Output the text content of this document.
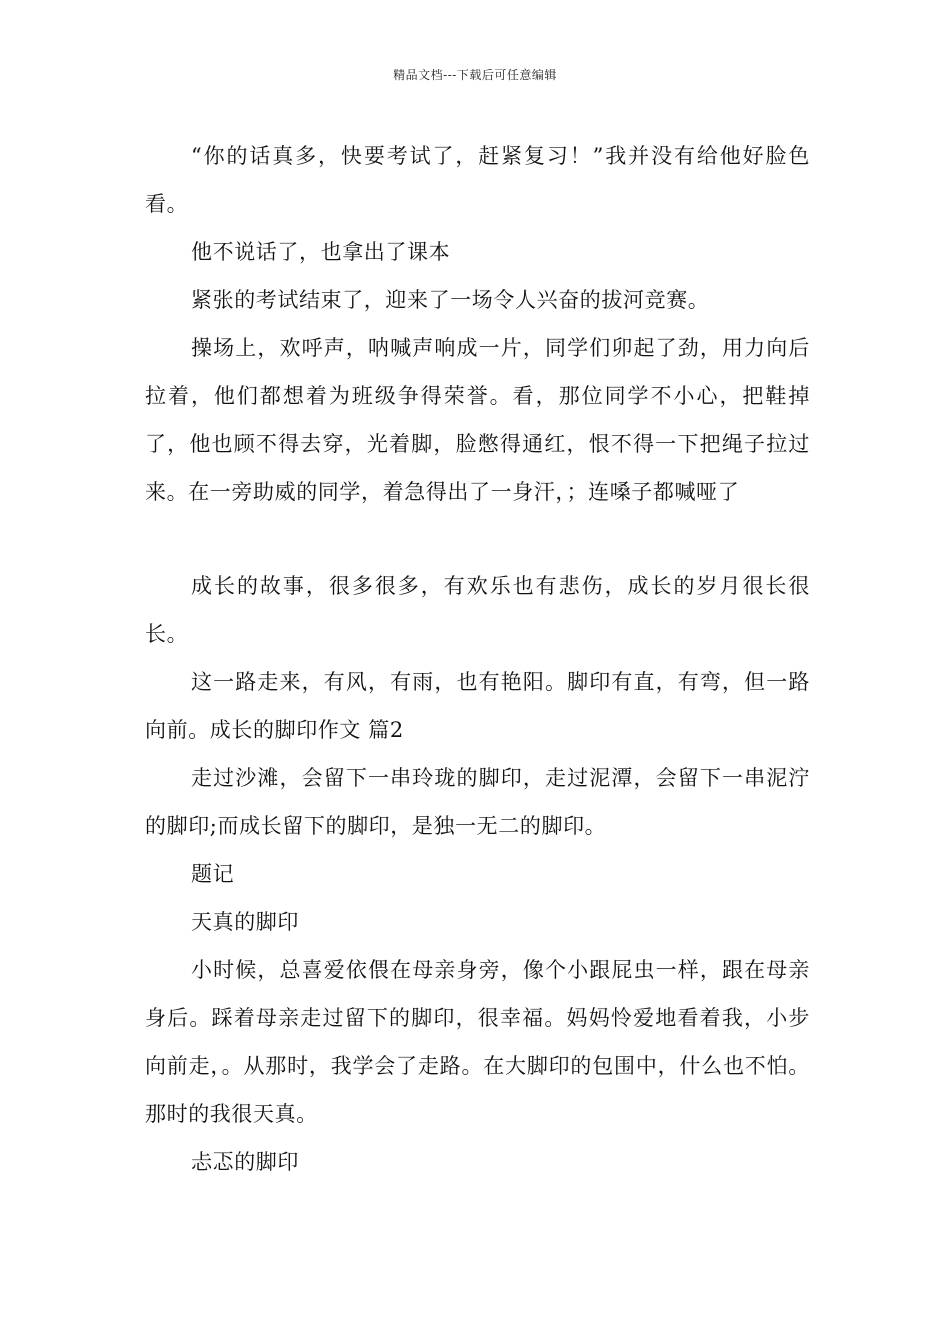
精品文档---下载后可任意编辑

“你的话真多，快要考试了，赶紧复习！”我并没有给他好脸色看。

他不说话了，也拿出了课本

紧张的考试结束了，迎来了一场令人兴奋的拔河竞赛。

操场上，欢呼声，呐喊声响成一片，同学们卯起了劲，用力向后拉着，他们都想着为班级争得荣誉。看，那位同学不小心，把鞋掉了，他也顾不得去穿，光着脚，脸憋得通红，恨不得一下把绳子拉过来。在一旁助威的同学，着急得出了一身汗，；连嗓子都喊哑了

成长的故事，很多很多，有欢乐也有悲伤，成长的岁月很长很长。

这一路走来，有风，有雨，也有艳阳。脚印有直，有弯，但一路向前。成长的脚印作文 篇2

走过沙滩，会留下一串玲珑的脚印，走过泥潭，会留下一串泥泞的脚印;而成长留下的脚印，是独一无二的脚印。

题记

天真的脚印

小时候，总喜爱依偎在母亲身旁，像个小跟屁虫一样，跟在母亲身后。踩着母亲走过留下的脚印，很幸福。妈妈怜爱地看着我，小步向前走，。从那时，我学会了走路。在大脚印的包围中，什么也不怕。那时的我很天真。

忐忑的脚印
